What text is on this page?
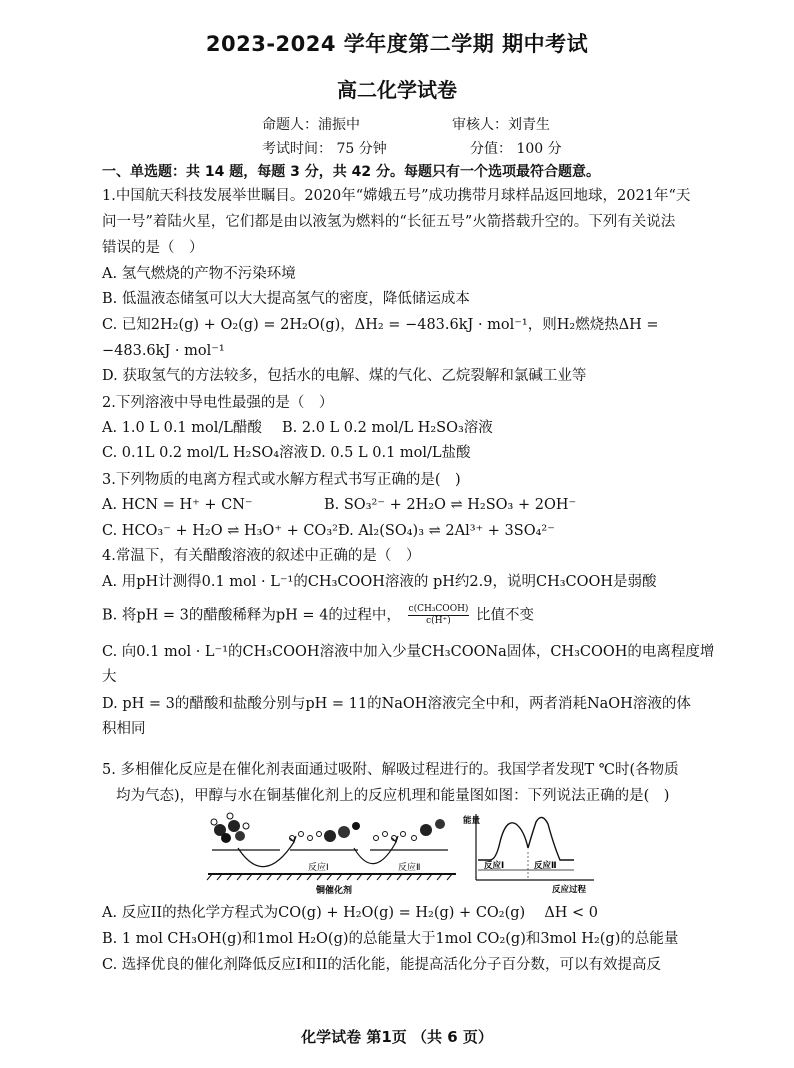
2023-2024 学年度第二学期 期中考试
高二化学试卷
命题人：浦振中	审核人：刘青生
考试时间： 75 分钟	分值： 100 分
一、单选题：共 14 题，每题 3 分，共 42 分。每题只有一个选项最符合题意。
1.中国航天科技发展举世瞩目。2020年“嫦娥五号”成功携带月球样品返回地球，2021年“天
问一号”着陆火星，它们都是由以液氢为燃料的“长征五号”火箭搭载升空的。下列有关说法
错误的是（　）
A. 氢气燃烧的产物不污染环境
B. 低温液态储氢可以大大提高氢气的密度，降低储运成本
C. 已知2H₂(g) + O₂(g) = 2H₂O(g)，ΔH₂ = −483.6kJ · mol⁻¹，则H₂燃烧热ΔH =
−483.6kJ · mol⁻¹
D. 获取氢气的方法较多，包括水的电解、煤的气化、乙烷裂解和氯碱工业等
2.下列溶液中导电性最强的是（　）
A. 1.0 L 0.1 mol/L醋酸 B. 2.0 L 0.2 mol/L H₂SO₃溶液
C. 0.1L 0.2 mol/L H₂SO₄溶液 D. 0.5 L 0.1 mol/L盐酸
3.下列物质的电离方程式或水解方程式书写正确的是(　)
A. HCN = H⁺ + CN⁻	B. SO₃²⁻ + 2H₂O ⇌ H₂SO₃ + 2OH⁻
C. HCO₃⁻ + H₂O ⇌ H₃O⁺ + CO₃²⁻
D. Al₂(SO₄)₃ ⇌ 2Al³⁺ + 3SO₄²⁻
4.常温下，有关醋酸溶液的叙述中正确的是（　）
A. 用pH计测得0.1 mol · L⁻¹的CH₃COOH溶液的 pH约2.9，说明CH₃COOH是弱酸
B. 将pH = 3的醋酸稀释为pH = 4的过程中， c(CH₃COOH)
c(H⁺)	比值不变
C. 向0.1 mol · L⁻¹的CH₃COOH溶液中加入少量CH₃COONa固体，CH₃COOH的电离程度增
大
D. pH = 3的醋酸和盐酸分别与pH = 11的NaOH溶液完全中和，两者消耗NaOH溶液的体
积相同
5. 多相催化反应是在催化剂表面通过吸附、解吸过程进行的。我国学者发现T ℃时(各物质
均为气态)，甲醇与水在铜基催化剂上的反应机理和能量图如图：下列说法正确的是(　)
反应Ⅰ	反应Ⅱ
铜催化剂
能量
反应Ⅰ	反应Ⅱ
反应过程
A. 反应II的热化学方程式为CO(g) + H₂O(g) = H₂(g) + CO₂(g)　 ΔH < 0
B. 1 mol CH₃OH(g)和1mol H₂O(g)的总能量大于1mol CO₂(g)和3mol H₂(g)的总能量
C. 选择优良的催化剂降低反应I和II的活化能，能提高活化分子百分数，可以有效提高反
化学试卷 第1页 （共 6 页）
